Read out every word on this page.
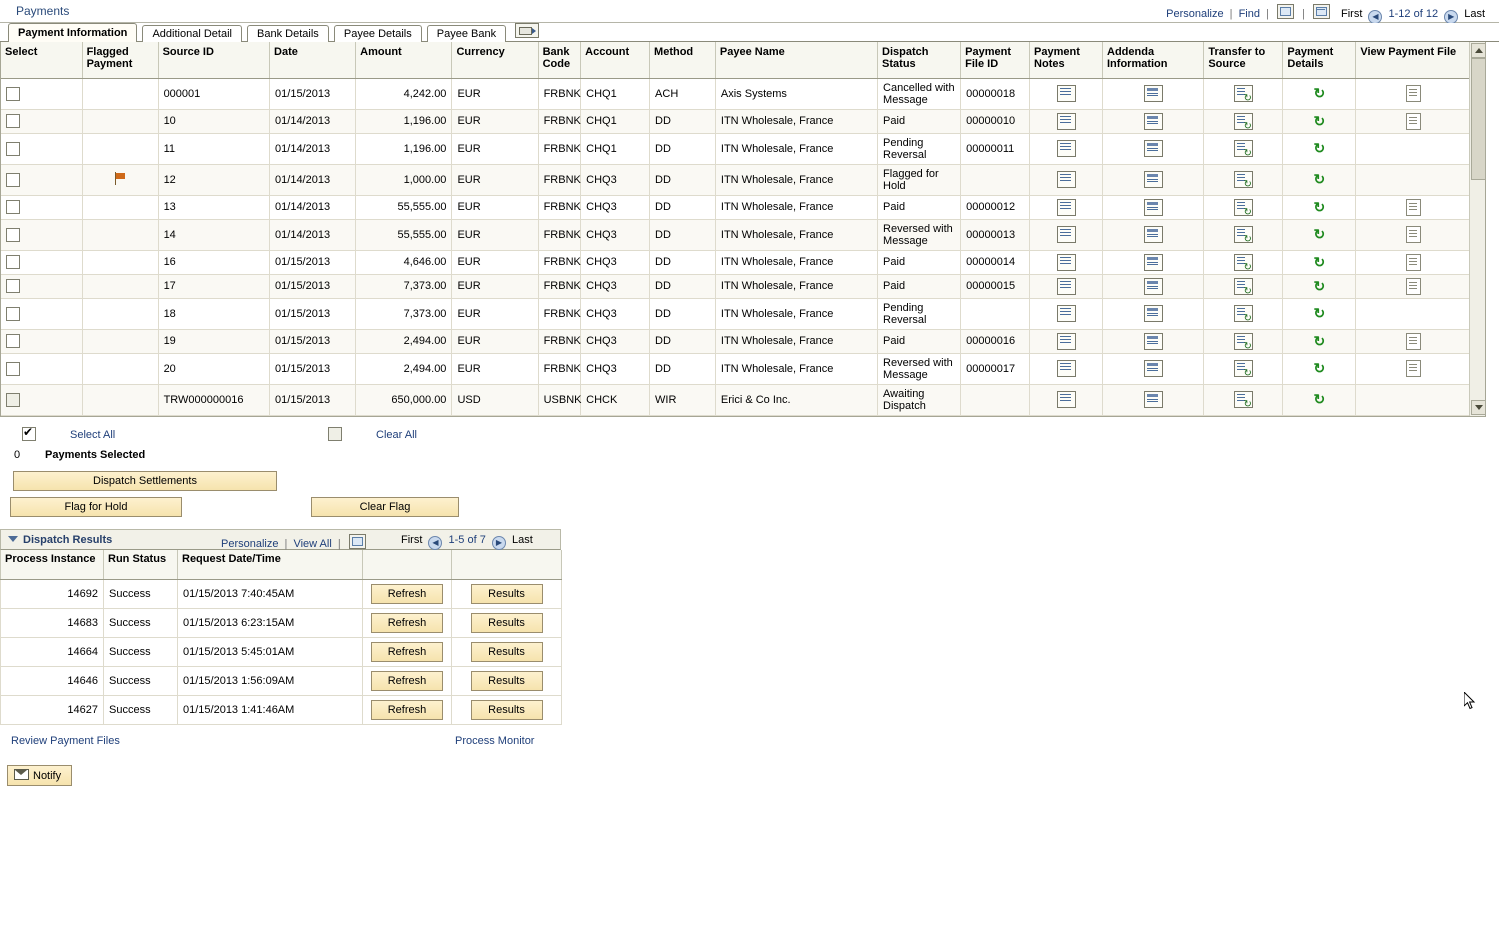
Payments	Personalize | Find |	|	First ◀ 1-12 of 12 ▶ Last
Payment Information Additional Detail Bank Details Payee Details Payee Bank
Select	Flagged Payment	Source ID	Date	Amount	Currency	Bank Code	Account	Method	Payee Name	Dispatch Status	Payment File ID	Payment Notes	Addenda Information	Transfer to Source	Payment Details	View Payment File
		000001	01/15/2013	4,242.00	EUR	FRBNK	CHQ1	ACH	Axis Systems	Cancelled with Message	00000018			↻	↻	
		10	01/14/2013	1,196.00	EUR	FRBNK	CHQ1	DD	ITN Wholesale, France	Paid	00000010			↻	↻	
		11	01/14/2013	1,196.00	EUR	FRBNK	CHQ1	DD	ITN Wholesale, France	Pending Reversal	00000011			↻	↻	
		12	01/14/2013	1,000.00	EUR	FRBNK	CHQ3	DD	ITN Wholesale, France	Flagged for Hold				↻	↻	
		13	01/14/2013	55,555.00	EUR	FRBNK	CHQ3	DD	ITN Wholesale, France	Paid	00000012			↻	↻	
		14	01/14/2013	55,555.00	EUR	FRBNK	CHQ3	DD	ITN Wholesale, France	Reversed with Message	00000013			↻	↻	
		16	01/15/2013	4,646.00	EUR	FRBNK	CHQ3	DD	ITN Wholesale, France	Paid	00000014			↻	↻	
		17	01/15/2013	7,373.00	EUR	FRBNK	CHQ3	DD	ITN Wholesale, France	Paid	00000015			↻	↻	
		18	01/15/2013	7,373.00	EUR	FRBNK	CHQ3	DD	ITN Wholesale, France	Pending Reversal				↻	↻	
		19	01/15/2013	2,494.00	EUR	FRBNK	CHQ3	DD	ITN Wholesale, France	Paid	00000016			↻	↻	
		20	01/15/2013	2,494.00	EUR	FRBNK	CHQ3	DD	ITN Wholesale, France	Reversed with Message	00000017			↻	↻	
		TRW000000016	01/15/2013	650,000.00	USD	USBNK	CHCK	WIR	Erici & Co Inc.	Awaiting Dispatch				↻	↻	
✔
Select All	Clear All
0 Payments Selected
Dispatch Settlements
Flag for Hold	Clear Flag
Dispatch Results	Personalize | View All |	First ◀ 1-5 of 7 ▶ Last
Process Instance	Run Status	Request Date/Time		
14692	Success	01/15/2013 7:40:45AM	Refresh	Results
14683	Success	01/15/2013 6:23:15AM	Refresh	Results
14664	Success	01/15/2013 5:45:01AM	Refresh	Results
14646	Success	01/15/2013 1:56:09AM	Refresh	Results
14627	Success	01/15/2013 1:41:46AM	Refresh	Results
Review Payment Files	Process Monitor
Notify
